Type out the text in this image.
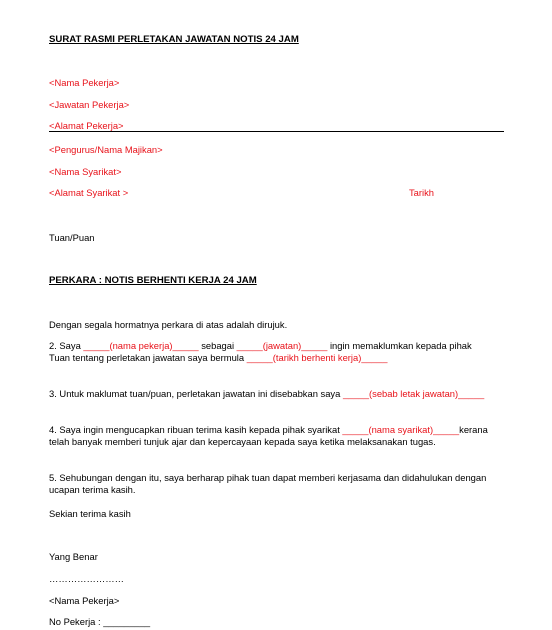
SURAT RASMI PERLETAKAN JAWATAN NOTIS 24 JAM
<Nama Pekerja>
<Jawatan Pekerja>
<Alamat Pekerja>
<Pengurus/Nama Majikan>
<Nama Syarikat>
<Alamat Syarikat >	Tarikh
Tuan/Puan
PERKARA : NOTIS BERHENTI KERJA 24 JAM
Dengan segala hormatnya perkara di atas adalah dirujuk.
2. Saya _____(nama pekerja)_____ sebagai _____(jawatan)_____ ingin memaklumkan kepada pihak Tuan tentang perletakan jawatan saya bermula _____(tarikh berhenti kerja)_____
3. Untuk maklumat tuan/puan, perletakan jawatan ini disebabkan saya _____(sebab letak jawatan)_____
4. Saya ingin mengucapkan ribuan terima kasih kepada pihak syarikat _____(nama syarikat)_____kerana telah banyak memberi tunjuk ajar dan kepercayaan kepada saya ketika melaksanakan tugas.
5. Sehubungan dengan itu, saya berharap pihak tuan dapat memberi kerjasama dan didahulukan dengan ucapan terima kasih.
Sekian terima kasih
Yang Benar
……………………
<Nama Pekerja>
No Pekerja : _________
